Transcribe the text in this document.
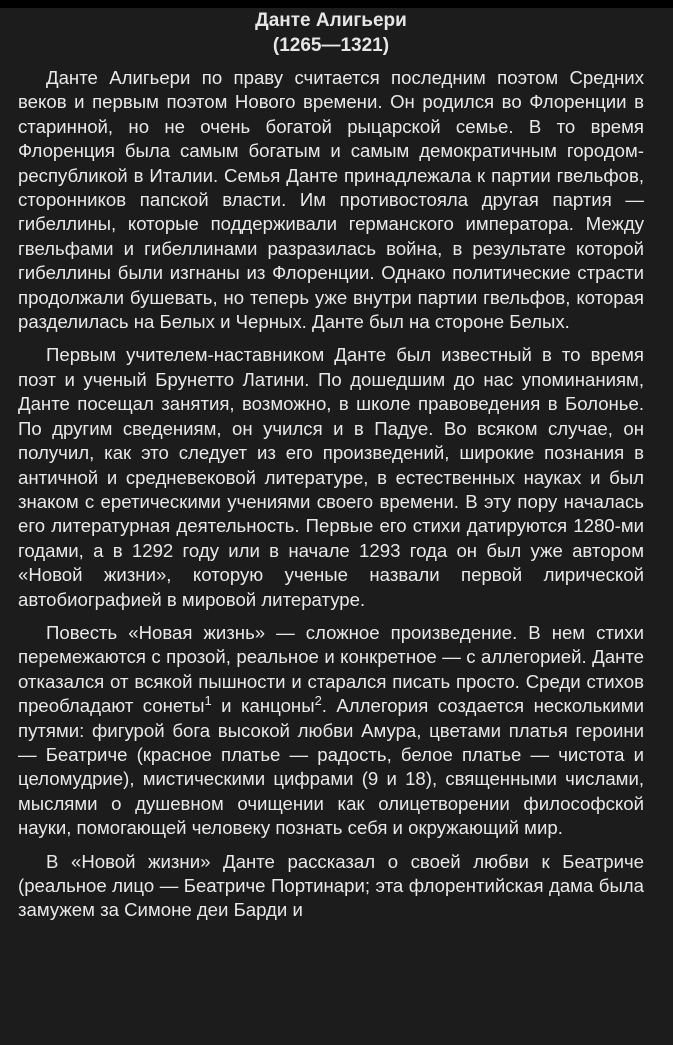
Данте Алигьери
(1265—1321)

Данте Алигьери по праву считается последним поэтом Средних веков и первым поэтом Нового времени. Он родился во Флоренции в старинной, но не очень богатой рыцарской семье. В то время Флоренция была самым богатым и самым демократичным городом-республикой в Италии. Семья Данте принадлежала к партии гвельфов, сторонников папской власти. Им противостояла другая партия — гибеллины, которые поддерживали германского императора. Между гвельфами и гибеллинами разразилась война, в результате которой гибеллины были изгнаны из Флоренции. Однако политические страсти продолжали бушевать, но теперь уже внутри партии гвельфов, которая разделилась на Белых и Черных. Данте был на стороне Белых.

Первым учителем-наставником Данте был известный в то время поэт и ученый Брунетто Латини. По дошедшим до нас упоминаниям, Данте посещал занятия, возможно, в школе правоведения в Болонье. По другим сведениям, он учился и в Падуе. Во всяком случае, он получил, как это следует из его произведений, широкие познания в античной и средневековой литературе, в естественных науках и был знаком с еретическими учениями своего времени. В эту пору началась его литературная деятельность. Первые его стихи датируются 1280-ми годами, а в 1292 году или в начале 1293 года он был уже автором «Новой жизни», которую ученые назвали первой лирической автобиографией в мировой литературе.

Повесть «Новая жизнь» — сложное произведение. В нем стихи перемежаются с прозой, реальное и конкретное — с аллегорией. Данте отказался от всякой пышности и старался писать просто. Среди стихов преобладают сонеты$^1$ и канцоны$^2$. Аллегория создается несколькими путями: фигурой бога высокой любви Амура, цветами платья героини — Беатриче (красное платье — радость, белое платье — чистота и целомудрие), мистическими цифрами (9 и 18), священными числами, мыслями о душевном очищении как олицетворении философской науки, помогающей человеку познать себя и окружающий мир.

В «Новой жизни» Данте рассказал о своей любви к Беатриче (реальное лицо — Беатриче Портинари; эта флорентийская дама была замужем за Симоне деи Барди и
